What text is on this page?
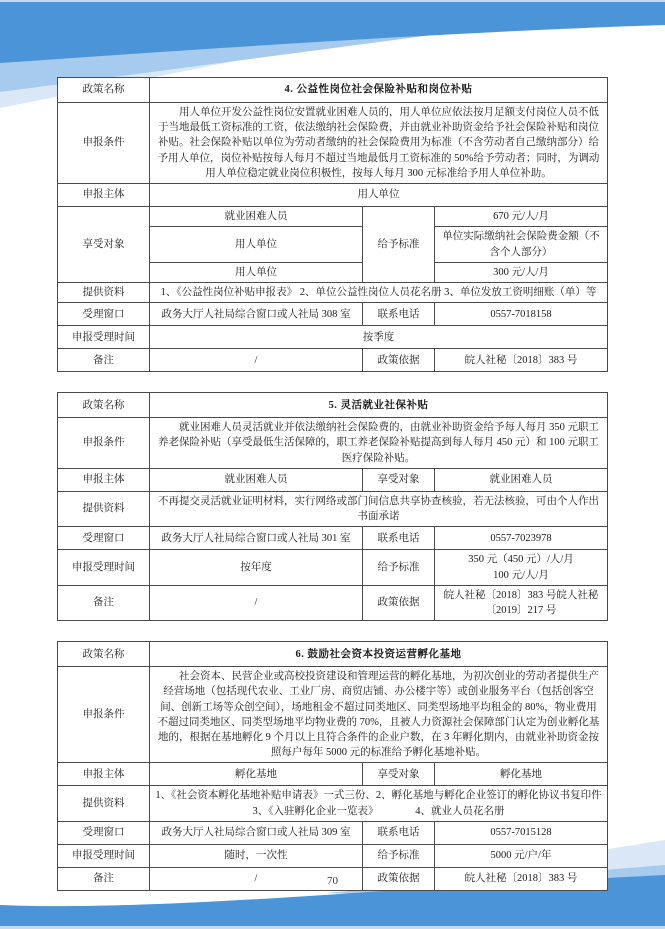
政策名称	4. 公益性岗位社会保险补贴和岗位补贴		
申报条件	用人单位开发公益性岗位安置就业困难人员的，用人单位应依法按月足额支付岗位人员不低于当地最低工资标准的工资，依法缴纳社会保险费，并由就业补助资金给予社会保险补贴和岗位补贴。社会保险补贴以单位为劳动者缴纳的社会保险费用为标准（不含劳动者自己缴纳部分）给予用人单位，岗位补贴按每人每月不超过当地最低月工资标准的 50%给予劳动者；同时，为调动用人单位稳定就业岗位积极性，按每人每月 300 元标准给予用人单位补助。		
申报主体	用人单位		
享受对象	就业困难人员	给予标准	670 元/人/月
	用人单位		单位实际缴纳社会保险费金额（不含个人部分）
	用人单位		300 元/人/月
提供资料	1、《公益性岗位补贴申报表》 2、单位公益性岗位人员花名册 3、单位发放工资明细账（单）等		
受理窗口	政务大厅人社局综合窗口或人社局 308 室	联系电话	0557-7018158
申报受理时间	按季度		
备注	/	政策依据	皖人社秘〔2018〕383 号
政策名称	5. 灵活就业社保补贴		
申报条件	就业困难人员灵活就业并依法缴纳社会保险费的，由就业补助资金给予每人每月 350 元职工养老保险补贴（享受最低生活保障的，职工养老保险补贴提高到每人每月 450 元）和 100 元职工医疗保险补贴。		
申报主体	就业困难人员	享受对象	就业困难人员
提供资料	不再提交灵活就业证明材料，实行网络或部门间信息共享协查核验，若无法核验，可由个人作出书面承诺		
受理窗口	政务大厅人社局综合窗口或人社局 301 室	联系电话	0557-7023978
申报受理时间	按年度	给予标准	350 元（450 元）/人/月
100 元/人/月

备注	/	政策依据	皖人社秘〔2018〕383 号皖人社秘〔2019〕217 号
政策名称	6. 鼓励社会资本投资运营孵化基地		
申报条件	社会资本、民营企业或高校投资建设和管理运营的孵化基地，为初次创业的劳动者提供生产经营场地（包括现代农业、工业厂房、商贸店铺、办公楼宇等）或创业服务平台（包括创客空间、创新工场等众创空间），场地租金不超过同类地区、同类型场地平均租金的 80%，物业费用不超过同类地区、同类型场地平均物业费的 70%，且被人力资源社会保障部门认定为创业孵化基地的，根据在基地孵化 9 个月以上且符合条件的企业户数，在 3 年孵化期内，由就业补助资金按照每户每年 5000 元的标准给予孵化基地补贴。		
申报主体	孵化基地	享受对象	孵化基地
提供资料	1、《社会资本孵化基地补贴申请表》一式三份、2、孵化基地与孵化企业签订的孵化协议书复印件　3、《入驻孵化企业一览表》　　　　4、就业人员花名册		
受理窗口	政务大厅人社局综合窗口或人社局 309 室	联系电话	0557-7015128
申报受理时间	随时，一次性	给予标准	5000 元/户/年
备注	/	政策依据	皖人社秘〔2018〕383 号
70
